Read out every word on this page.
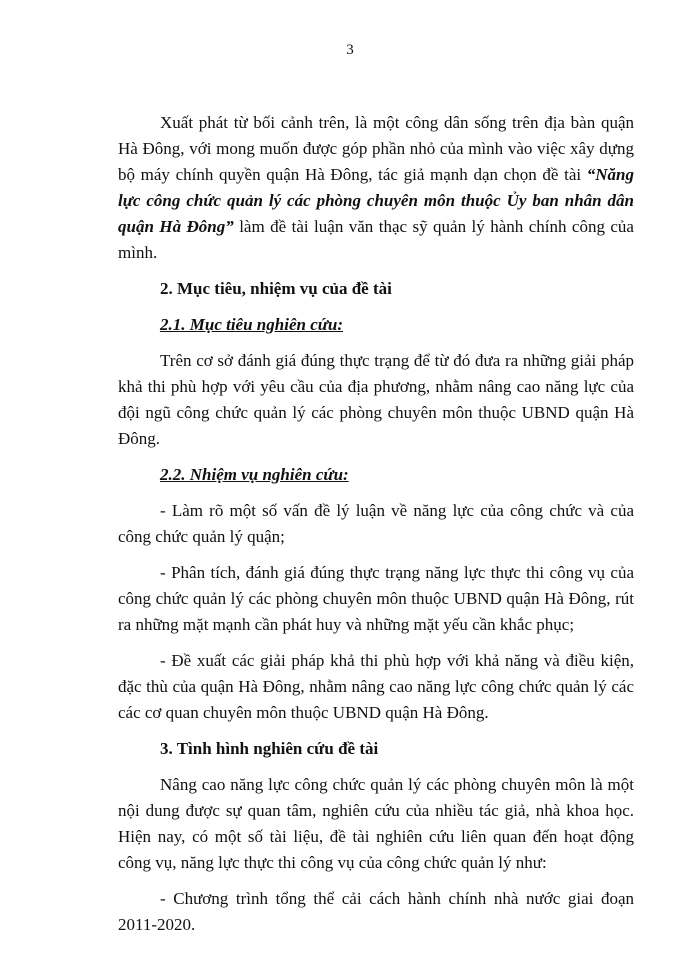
3

Xuất phát từ bối cảnh trên, là một công dân sống trên địa bàn quận Hà Đông, với mong muốn được góp phần nhỏ của mình vào việc xây dựng bộ máy chính quyền quận Hà Đông, tác giả mạnh dạn chọn đề tài “Năng lực công chức quản lý các phòng chuyên môn thuộc Ủy ban nhân dân quận Hà Đông” làm đề tài luận văn thạc sỹ quản lý hành chính công của mình.

2. Mục tiêu, nhiệm vụ của đề tài

2.1. Mục tiêu nghiên cứu:

Trên cơ sở đánh giá đúng thực trạng để từ đó đưa ra những giải pháp khả thi phù hợp với yêu cầu của địa phương, nhằm nâng cao năng lực của đội ngũ công chức quản lý các phòng chuyên môn thuộc UBND quận Hà Đông.

2.2. Nhiệm vụ nghiên cứu:

- Làm rõ một số vấn đề lý luận về năng lực của công chức và của công chức quản lý quận;

- Phân tích, đánh giá đúng thực trạng năng lực thực thi công vụ của công chức quản lý các phòng chuyên môn thuộc UBND quận Hà Đông, rút ra những mặt mạnh cần phát huy và những mặt yếu cần khắc phục;

- Đề xuất các giải pháp khả thi phù hợp với khả năng và điều kiện, đặc thù của quận Hà Đông, nhằm nâng cao năng lực công chức quản lý các các cơ quan chuyên môn thuộc UBND quận Hà Đông.

3. Tình hình nghiên cứu đề tài

Nâng cao năng lực công chức quản lý các phòng chuyên môn là một nội dung được sự quan tâm, nghiên cứu của nhiều tác giả, nhà khoa học. Hiện nay, có một số tài liệu, đề tài nghiên cứu liên quan đến hoạt động công vụ, năng lực thực thi công vụ của công chức quản lý như:

- Chương trình tổng thể cải cách hành chính nhà nước giai đoạn 2011-2020.
